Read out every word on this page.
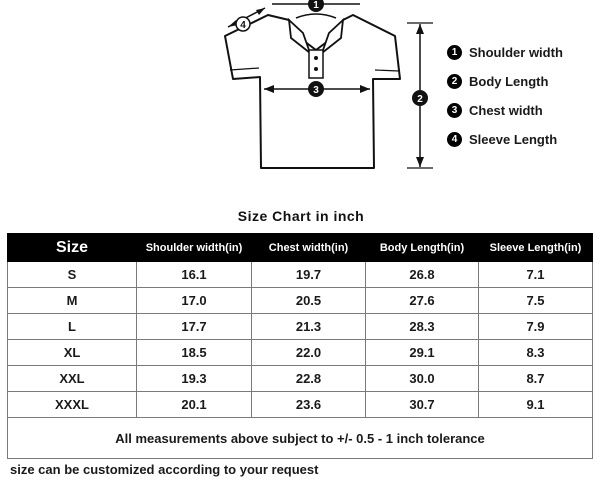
1
4
3
2
1 Shoulder width
2 Body Length
3 Chest width
4 Sleeve Length
Size Chart in inch
Size	Shoulder width(in)	Chest width(in)	Body Length(in)	Sleeve Length(in)
S	16.1	19.7	26.8	7.1
M	17.0	20.5	27.6	7.5
L	17.7	21.3	28.3	7.9
XL	18.5	22.0	29.1	8.3
XXL	19.3	22.8	30.0	8.7
XXXL	20.1	23.6	30.7	9.1
All measurements above subject to +/- 0.5 - 1 inch tolerance				
size can be customized according to your request
